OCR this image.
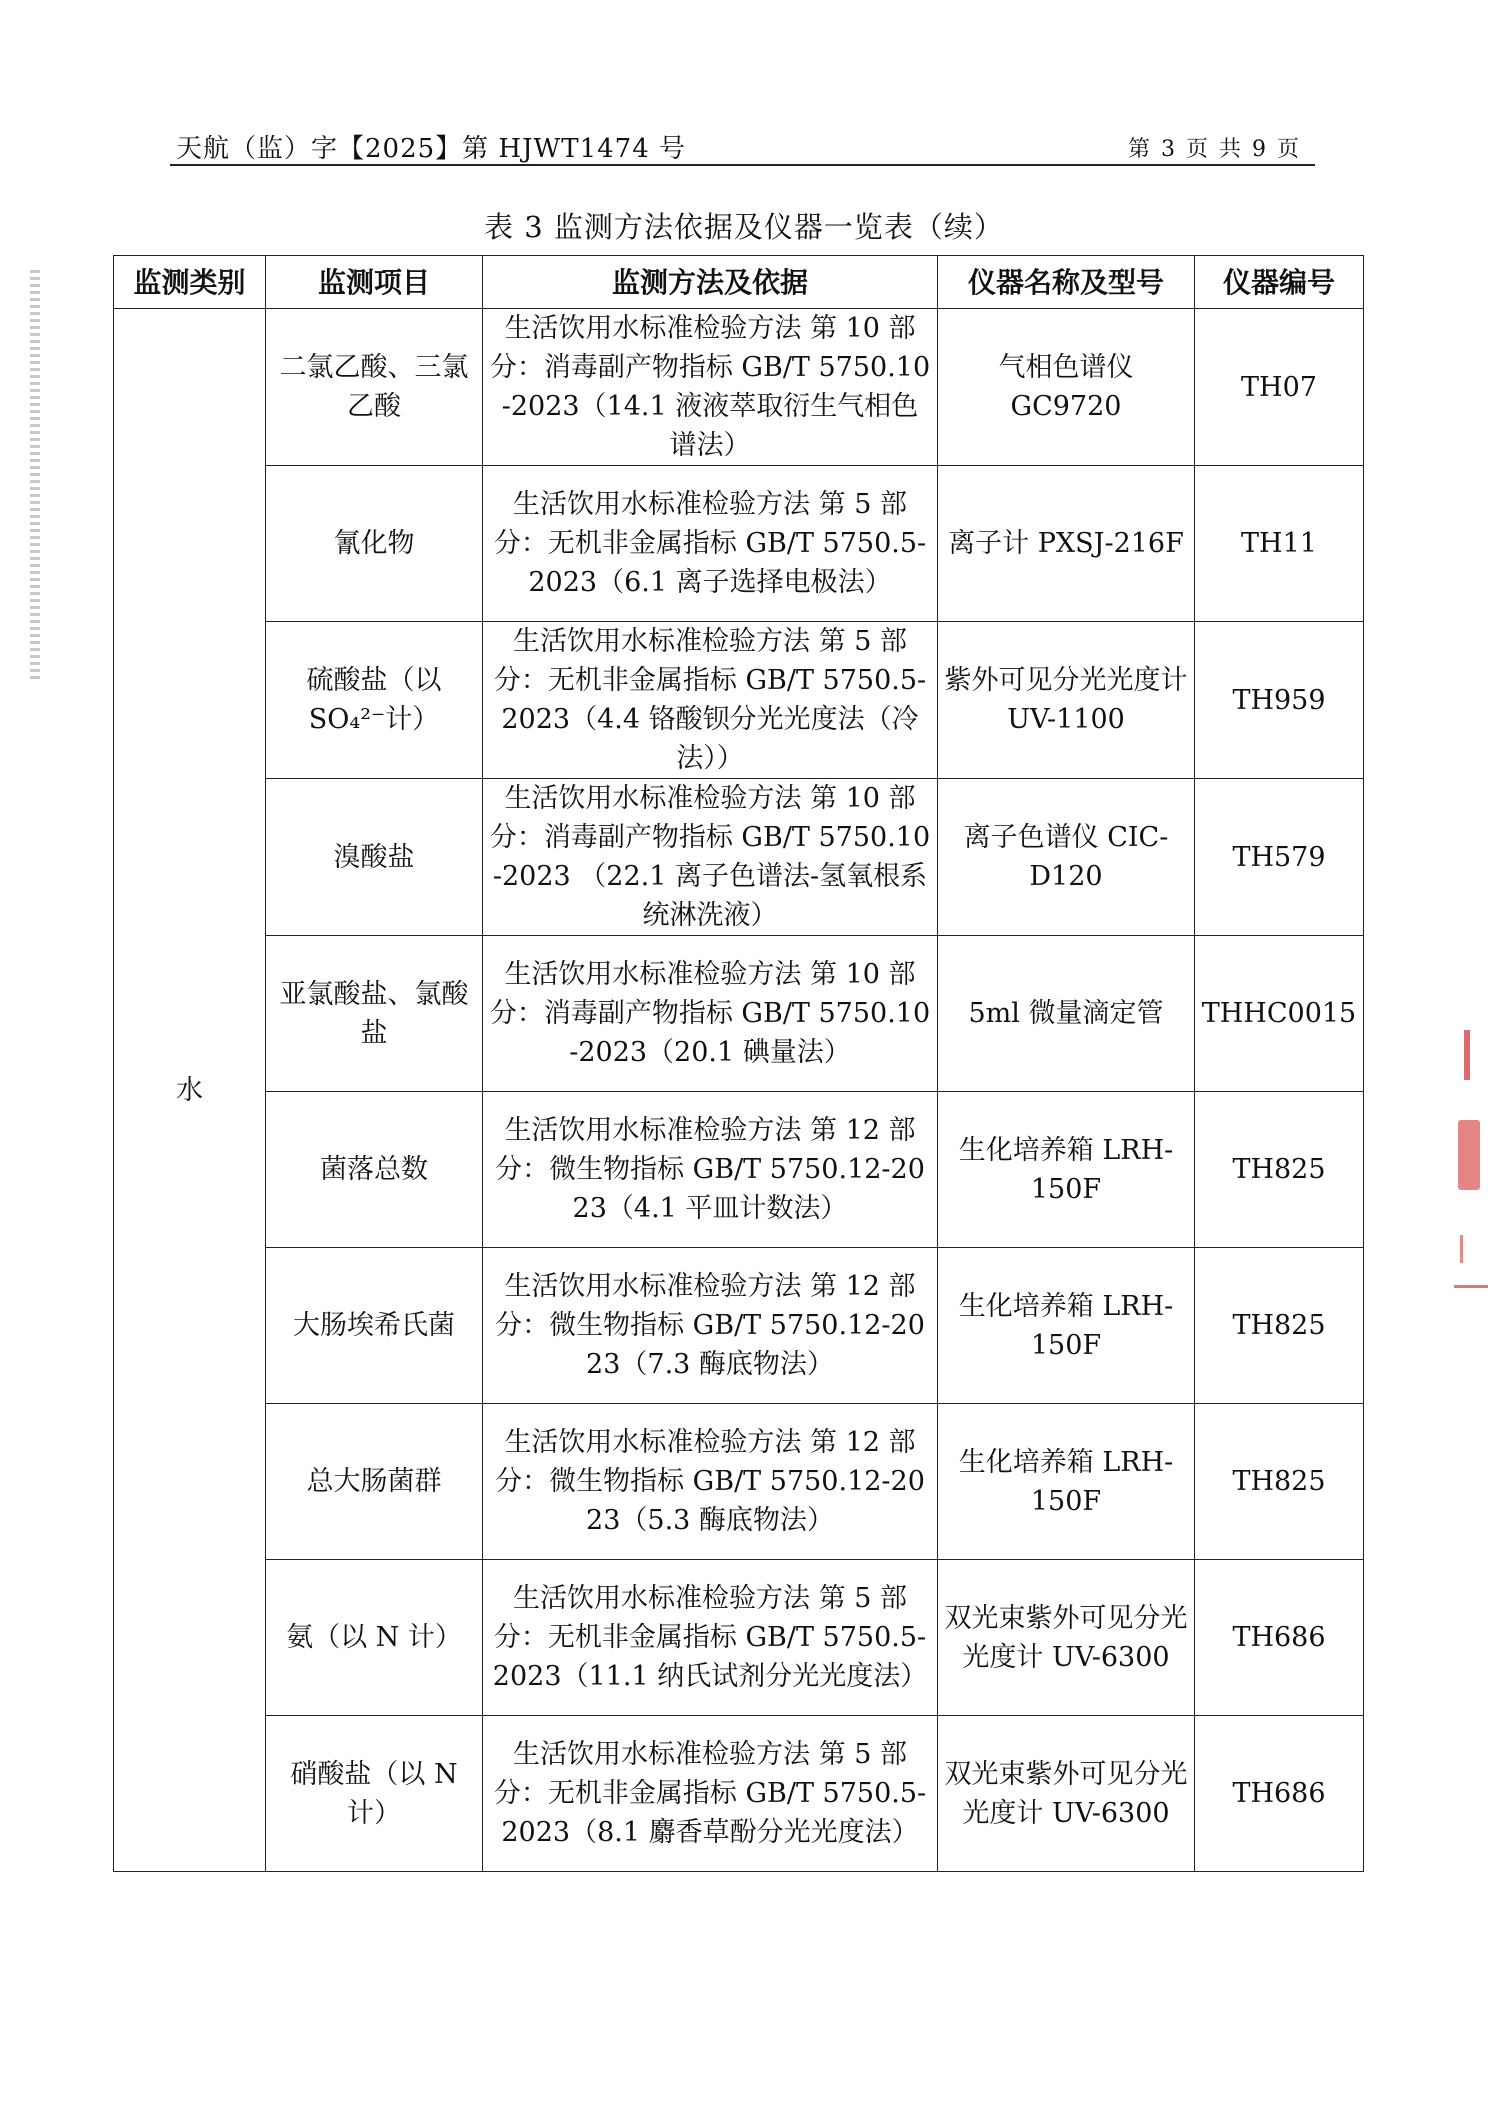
天航（监）字【2025】第 HJWT1474 号	第 3 页 共 9 页
表 3 监测方法依据及仪器一览表（续）
监测类别	监测项目	监测方法及依据	仪器名称及型号	仪器编号
水	二氯乙酸、三氯乙酸	生活饮用水标准检验方法 第 10 部分：消毒副产物指标 GB/T 5750.10-2023（14.1 液液萃取衍生气相色谱法）	气相色谱仪 GC9720	TH07
	氰化物	生活饮用水标准检验方法 第 5 部分：无机非金属指标 GB/T 5750.5-2023（6.1 离子选择电极法）	离子计 PXSJ-216F	TH11
	硫酸盐（以 SO₄²⁻计）	生活饮用水标准检验方法 第 5 部分：无机非金属指标 GB/T 5750.5-2023（4.4 铬酸钡分光光度法（冷法））	紫外可见分光光度计 UV-1100	TH959
	溴酸盐	生活饮用水标准检验方法 第 10 部分：消毒副产物指标 GB/T 5750.10-2023 （22.1 离子色谱法-氢氧根系统淋洗液）	离子色谱仪 CIC-D120	TH579
	亚氯酸盐、氯酸盐	生活饮用水标准检验方法 第 10 部分：消毒副产物指标 GB/T 5750.10-2023（20.1 碘量法）	5ml 微量滴定管	THHC0015
	菌落总数	生活饮用水标准检验方法 第 12 部分：微生物指标 GB/T 5750.12-2023（4.1 平皿计数法）	生化培养箱 LRH-150F	TH825
	大肠埃希氏菌	生活饮用水标准检验方法 第 12 部分：微生物指标 GB/T 5750.12-2023（7.3 酶底物法）	生化培养箱 LRH-150F	TH825
	总大肠菌群	生活饮用水标准检验方法 第 12 部分：微生物指标 GB/T 5750.12-2023（5.3 酶底物法）	生化培养箱 LRH-150F	TH825
	氨（以 N 计）	生活饮用水标准检验方法 第 5 部分：无机非金属指标 GB/T 5750.5-2023（11.1 纳氏试剂分光光度法）	双光束紫外可见分光光度计 UV-6300	TH686
	硝酸盐（以 N 计）	生活饮用水标准检验方法 第 5 部分：无机非金属指标 GB/T 5750.5-2023（8.1 麝香草酚分光光度法）	双光束紫外可见分光光度计 UV-6300	TH686
